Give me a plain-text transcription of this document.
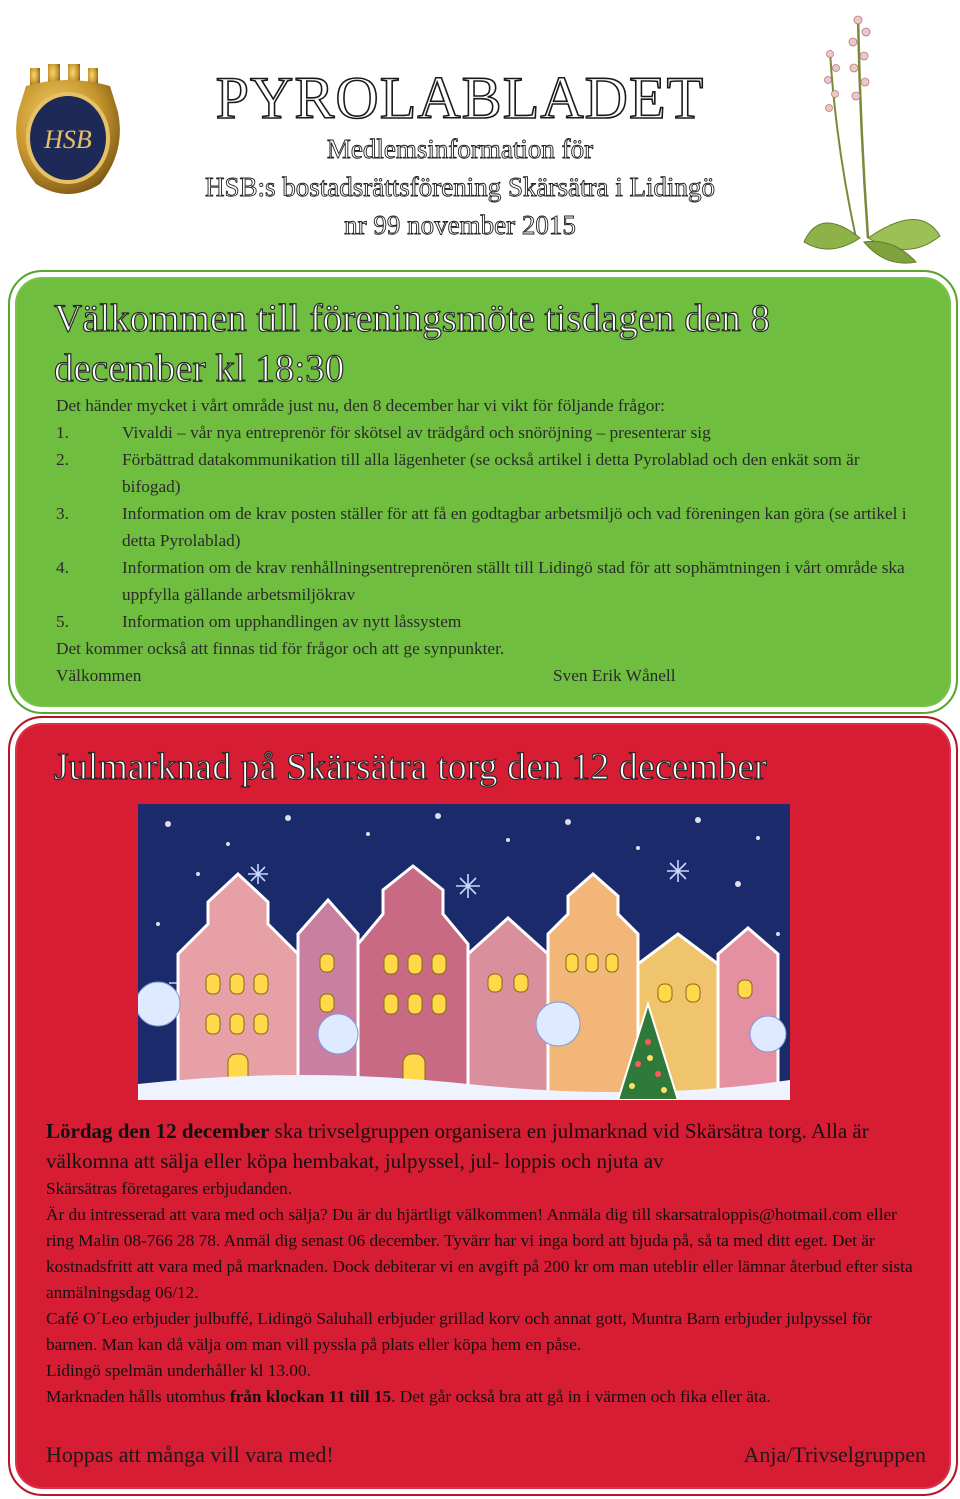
HSB
PYROLABLADET
Medlemsinformation för
HSB:s bostadsrättsförening Skärsätra i Lidingö
nr 99 november 2015
Välkommen till föreningsmöte tisdagen den 8 december kl 18:30
Det händer mycket i vårt område just nu, den 8 december har vi vikt för följande frågor:
1.	Vivaldi – vår nya entreprenör för skötsel av trädgård och snöröjning – presenterar sig
2.	Förbättrad datakommunikation till alla lägenheter (se också artikel i detta Pyrolablad och den enkät som är bifogad)
3.	Information om de krav posten ställer för att få en godtagbar arbetsmiljö och vad föreningen kan göra (se artikel i detta Pyrolablad)
4.	Information om de krav renhållningsentreprenören ställt till Lidingö stad för att sophämtningen i vårt område ska uppfylla gällande arbetsmiljökrav
5.	Information om upphandlingen av nytt låssystem
Det kommer också att finnas tid för frågor och att ge synpunkter.
Välkommen	Sven Erik Wånell
Julmarknad på Skärsätra torg den 12 december
Lördag den 12 december ska trivselgruppen organisera en julmarknad vid Skärsätra torg. Alla är välkomna att sälja eller köpa hembakat, julpyssel, jul- loppis och njuta av
Skärsätras företagares erbjudanden.
Är du intresserad att vara med och sälja? Du är du hjärtligt välkommen! Anmäla dig till skarsatraloppis@hotmail.com eller ring Malin 08-766 28 78. Anmäl dig senast 06 december. Tyvärr har vi inga bord att bjuda på, så ta med ditt eget. Det är kostnadsfritt att vara med på marknaden. Dock debiterar vi en avgift på 200 kr om man uteblir eller lämnar återbud efter sista anmälningsdag 06/12.
Café O´Leo erbjuder julbuffé, Lidingö Saluhall erbjuder grillad korv och annat gott, Muntra Barn erbjuder julpyssel för barnen. Man kan då välja om man vill pyssla på plats eller köpa hem en påse.
Lidingö spelmän underhåller kl 13.00.
Marknaden hålls utomhus från klockan 11 till 15. Det går också bra att gå in i värmen och fika eller äta.
Hoppas att många vill vara med!	Anja/Trivselgruppen
